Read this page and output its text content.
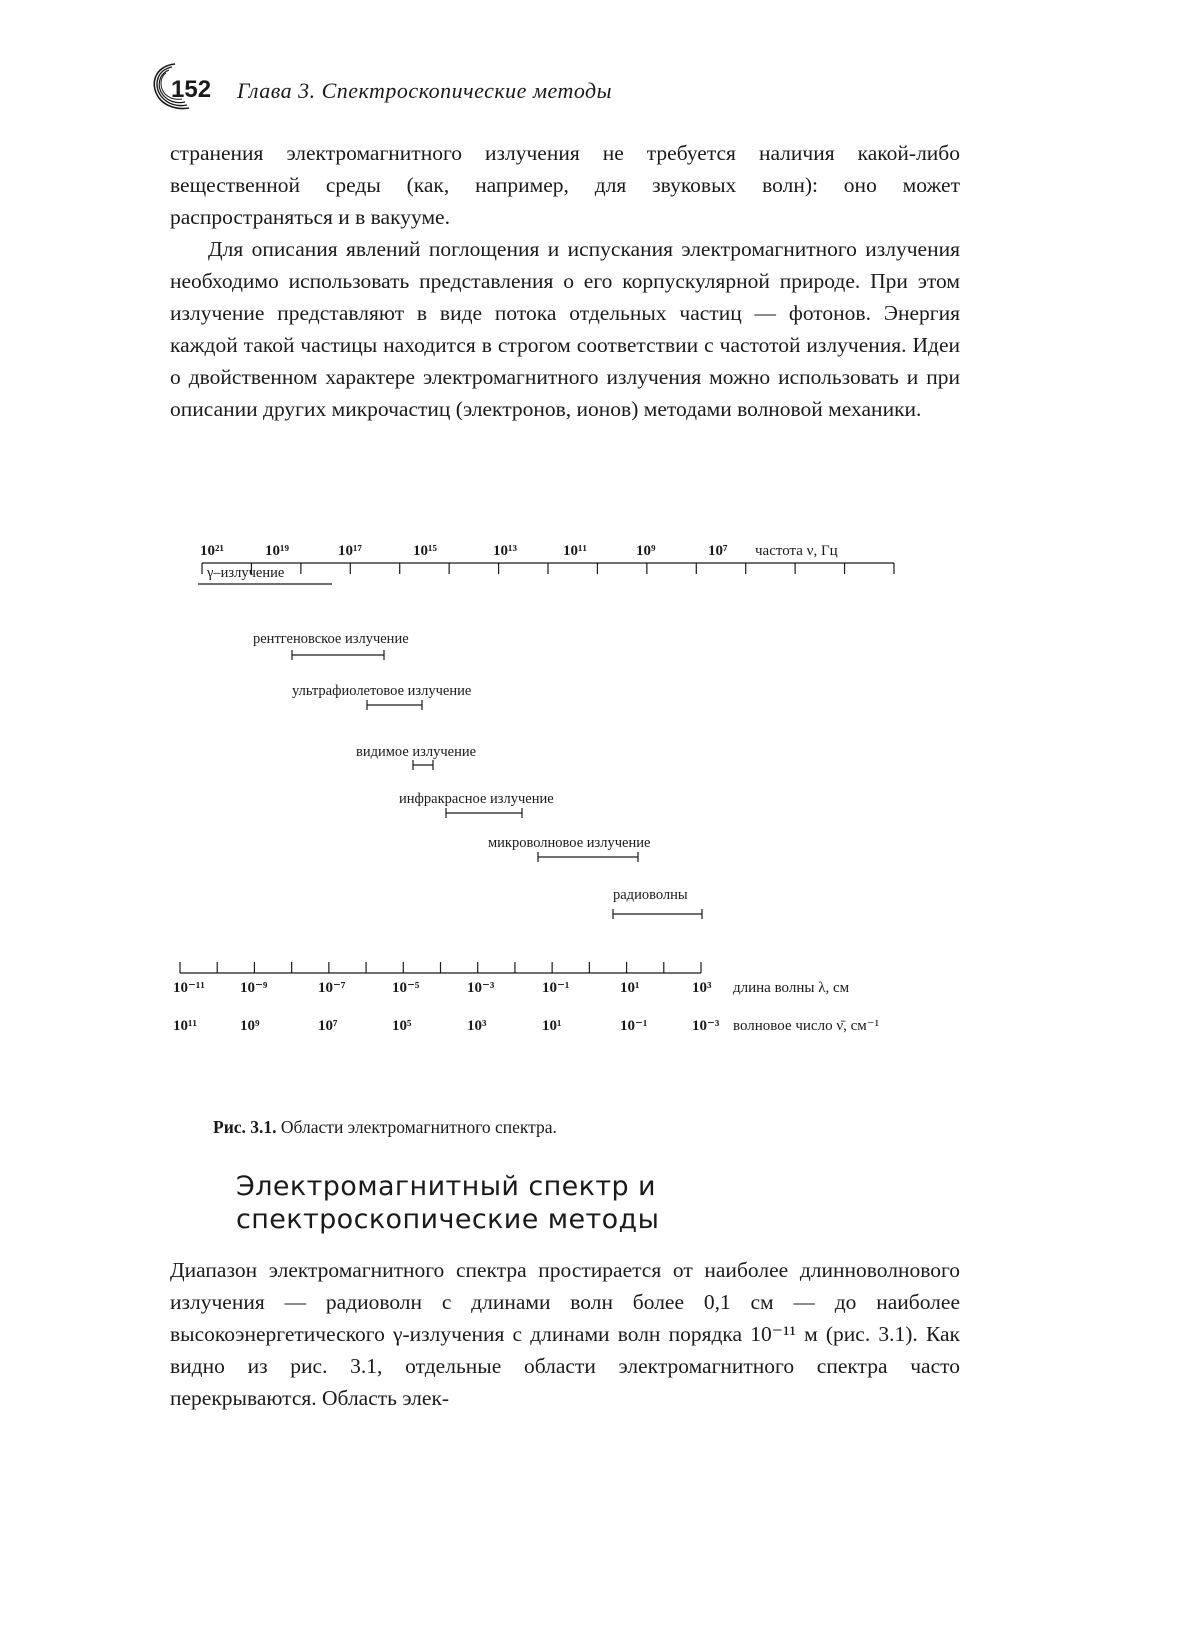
152 Глава 3. Спектроскопические методы

странения электромагнитного излучения не требуется наличия какой-либо вещественной среды (как, например, для звуковых волн): оно может распространяться и в вакууме.

Для описания явлений поглощения и испускания электромагнитного излучения необходимо использовать представления о его корпускулярной природе. При этом излучение представляют в виде потока отдельных частиц — фотонов. Энергия каждой такой частицы находится в строгом соответствии с частотой излучения. Идеи о двойственном характере электромагнитного излучения можно использовать и при описании других микрочастиц (электронов, ионов) методами волновой механики.

10²¹	10¹⁹	10¹⁷	10¹⁵	10¹³	10¹¹	10⁹	10⁷ частота ν, Гц
γ–излучение
рентгеновское излучение
ультрафиолетовое излучение
видимое излучение
инфракрасное излучение
микроволновое излучение
радиоволны
10⁻¹¹ 10⁻⁹	10⁻⁷	10⁻⁵	10⁻³	10⁻¹	10¹	10³ длина волны λ, см
10¹¹	10⁹	10⁷	10⁵	10³	10¹	10⁻¹	10⁻³ волновое число ν̄, см⁻¹
Рис. 3.1. Области электромагнитного спектра.
Электромагнитный спектр и спектроскопические методы

Диапазон электромагнитного спектра простирается от наиболее длинноволнового излучения — радиоволн с длинами волн более 0,1 см — до наиболее высокоэнергетического γ-излучения с длинами волн порядка 10⁻¹¹ м (рис. 3.1). Как видно из рис. 3.1, отдельные области электромагнитного спектра часто перекрываются. Область элек-
